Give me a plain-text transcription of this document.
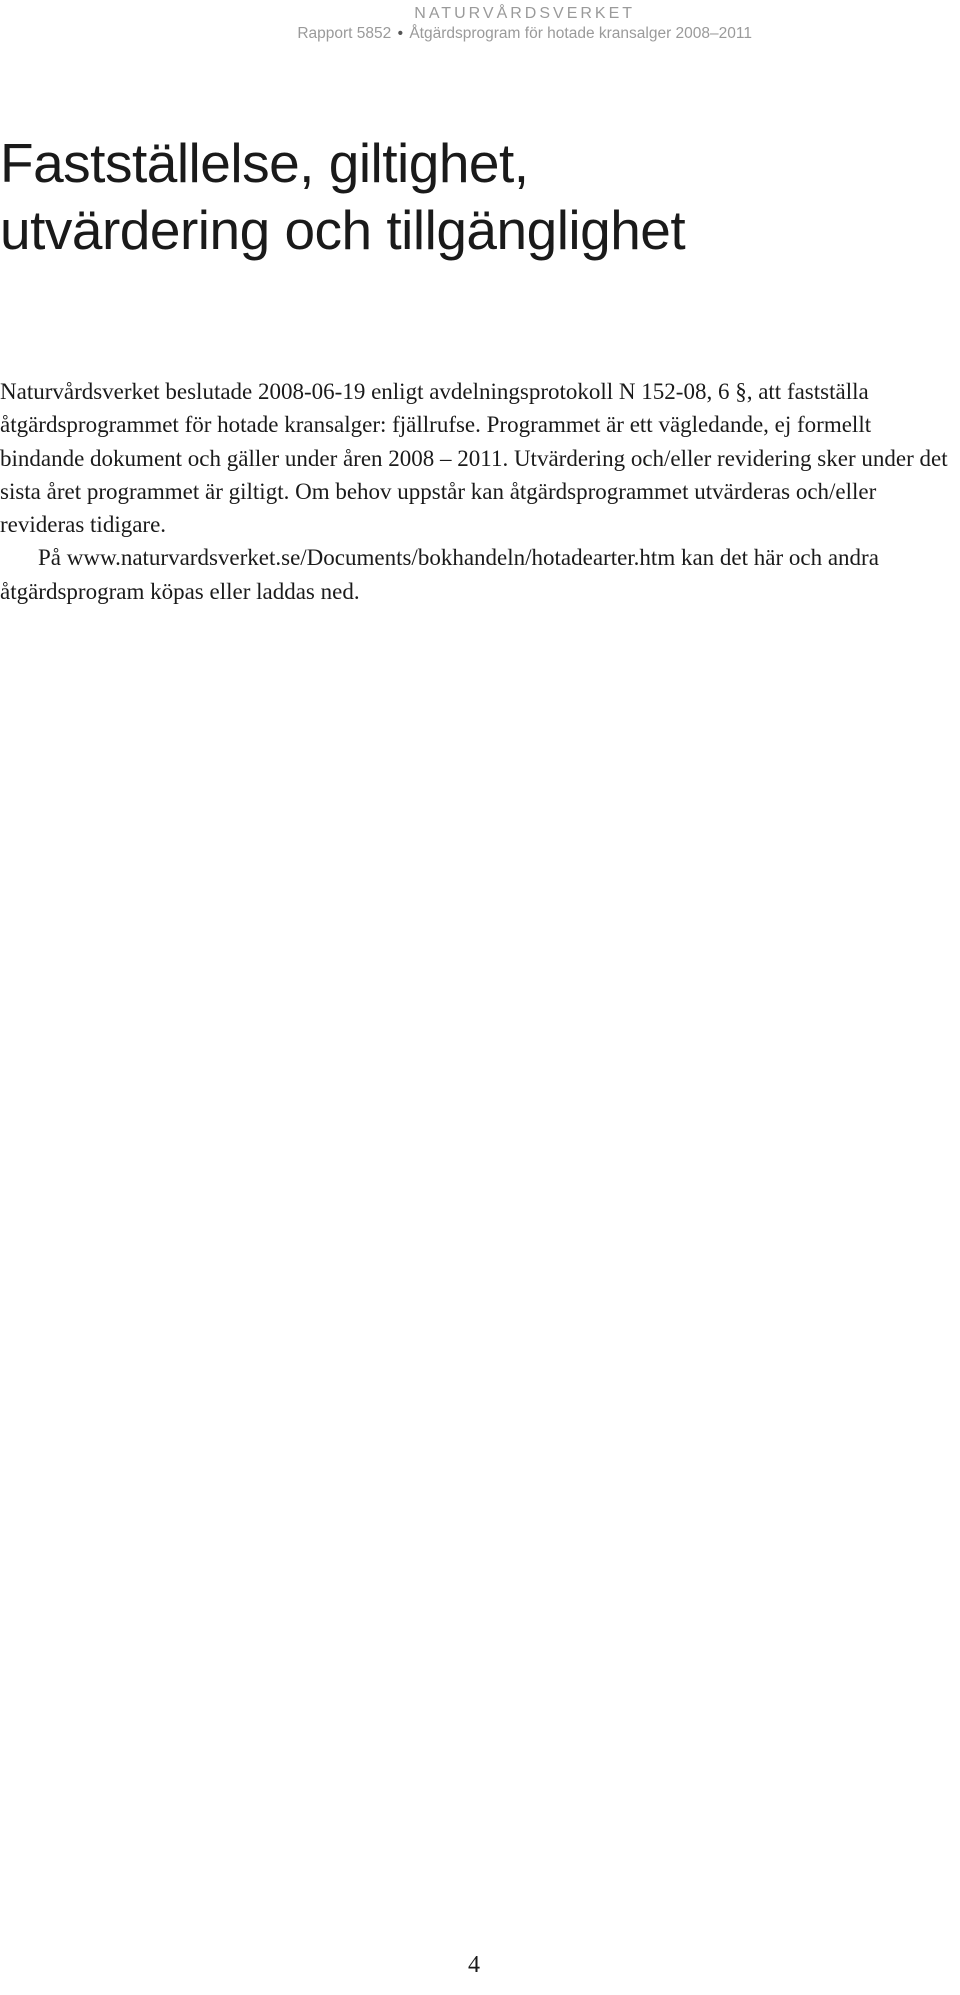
NATURVÅRDSVERKET
Rapport 5852 • Åtgärdsprogram för hotade kransalger 2008–2011
Fastställelse, giltighet,
utvärdering och tillgänglighet

Naturvårdsverket beslutade 2008-06-19 enligt avdelningsprotokoll N 152-08, 6 §, att fastställa åtgärdsprogrammet för hotade kransalger: fjällrufse. Programmet är ett vägledande, ej formellt bindande dokument och gäller under åren 2008 – 2011. Utvärdering och/eller revidering sker under det sista året programmet är giltigt. Om behov uppstår kan åtgärdsprogrammet utvärderas och/eller revideras tidigare.

På www.naturvardsverket.se/Documents/bokhandeln/hotadearter.htm kan det här och andra åtgärdsprogram köpas eller laddas ned.

4
